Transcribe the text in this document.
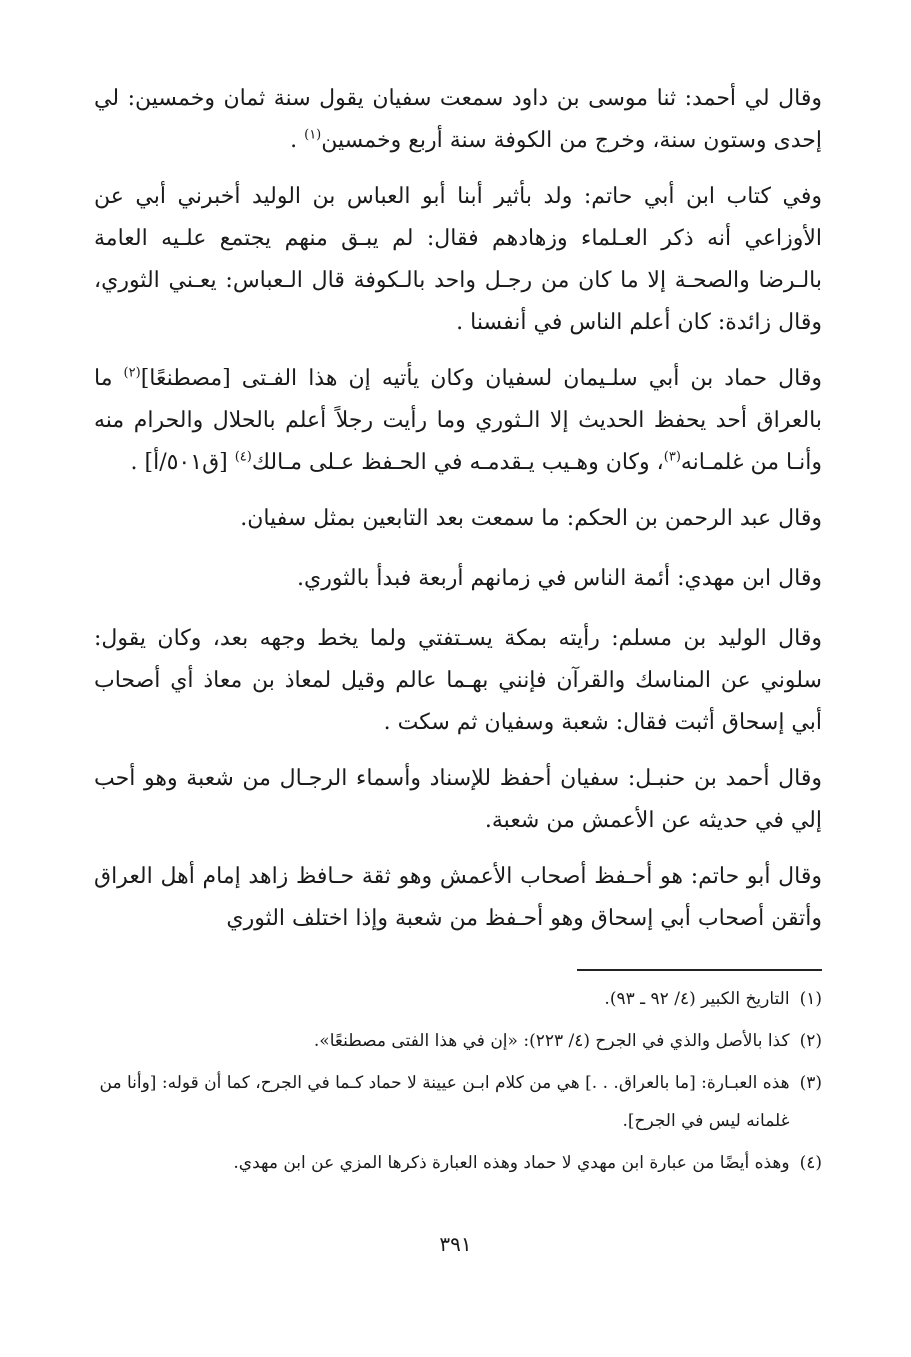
وقال لي أحمد: ثنا موسى بن داود سمعت سفيان يقول سنة ثمان وخمسين: لي إحدى وستون سنة، وخرج من الكوفة سنة أربع وخمسين$^{(١)}$ .

وفي كتاب ابن أبي حاتم: ولد بأثير أبنا أبو العباس بن الوليد أخبرني أبي عن الأوزاعي أنه ذكر العـلماء وزهادهم فقال: لم يبـق منهم يجتمع علـيه العامة بالـرضا والصحـة إلا ما كان من رجـل واحد بالـكوفة قال الـعباس: يعـني الثوري، وقال زائدة: كان أعلم الناس في أنفسنا .

وقال حماد بن أبي سلـيمان لسفيان وكان يأتيه إن هذا الفـتى [مصطنعًا]$^{(٢)}$ ما بالعراق أحد يحفظ الحديث إلا الـثوري وما رأيت رجلاً أعلم بالحلال والحرام منه وأنـا من غلمـانه$^{(٣)}$، وكان وهـيب يـقدمـه في الحـفظ عـلى مـالك$^{(٤)}$ [ق٥٠١/أ] .

وقال عبد الرحمن بن الحكم: ما سمعت بعد التابعين بمثل سفيان.

وقال ابن مهدي: أئمة الناس في زمانهم أربعة فبدأ بالثوري.

وقال الوليد بن مسلم: رأيته بمكة يسـتفتي ولما يخط وجهه بعد، وكان يقول: سلوني عن المناسك والقرآن فإنني بهـما عالم وقيل لمعاذ بن معاذ أي أصحاب أبي إسحاق أثبت فقال: شعبة وسفيان ثم سكت .

وقال أحمد بن حنبـل: سفيان أحفظ للإسناد وأسماء الرجـال من شعبة وهو أحب إلي في حديثه عن الأعمش من شعبة.

وقال أبو حاتم: هو أحـفظ أصحاب الأعمش وهو ثقة حـافظ زاهد إمام أهل العراق وأتقن أصحاب أبي إسحاق وهو أحـفظ من شعبة وإذا اختلف الثوري

(١)
التاريخ الكبير (٤/ ٩٢ ـ ٩٣).
(٢)
كذا بالأصل والذي في الجرح (٤/ ٢٢٣): «إن في هذا الفتى مصطنعًا».
(٣)
هذه العبـارة: [ما بالعراق. . .] هي من كلام ابـن عيينة لا حماد كـما في الجرح، كما أن قوله: [وأنا من غلمانه ليس في الجرح].
(٤)
وهذه أيضًا من عبارة ابن مهدي لا حماد وهذه العبارة ذكرها المزي عن ابن مهدي.
٣٩١
